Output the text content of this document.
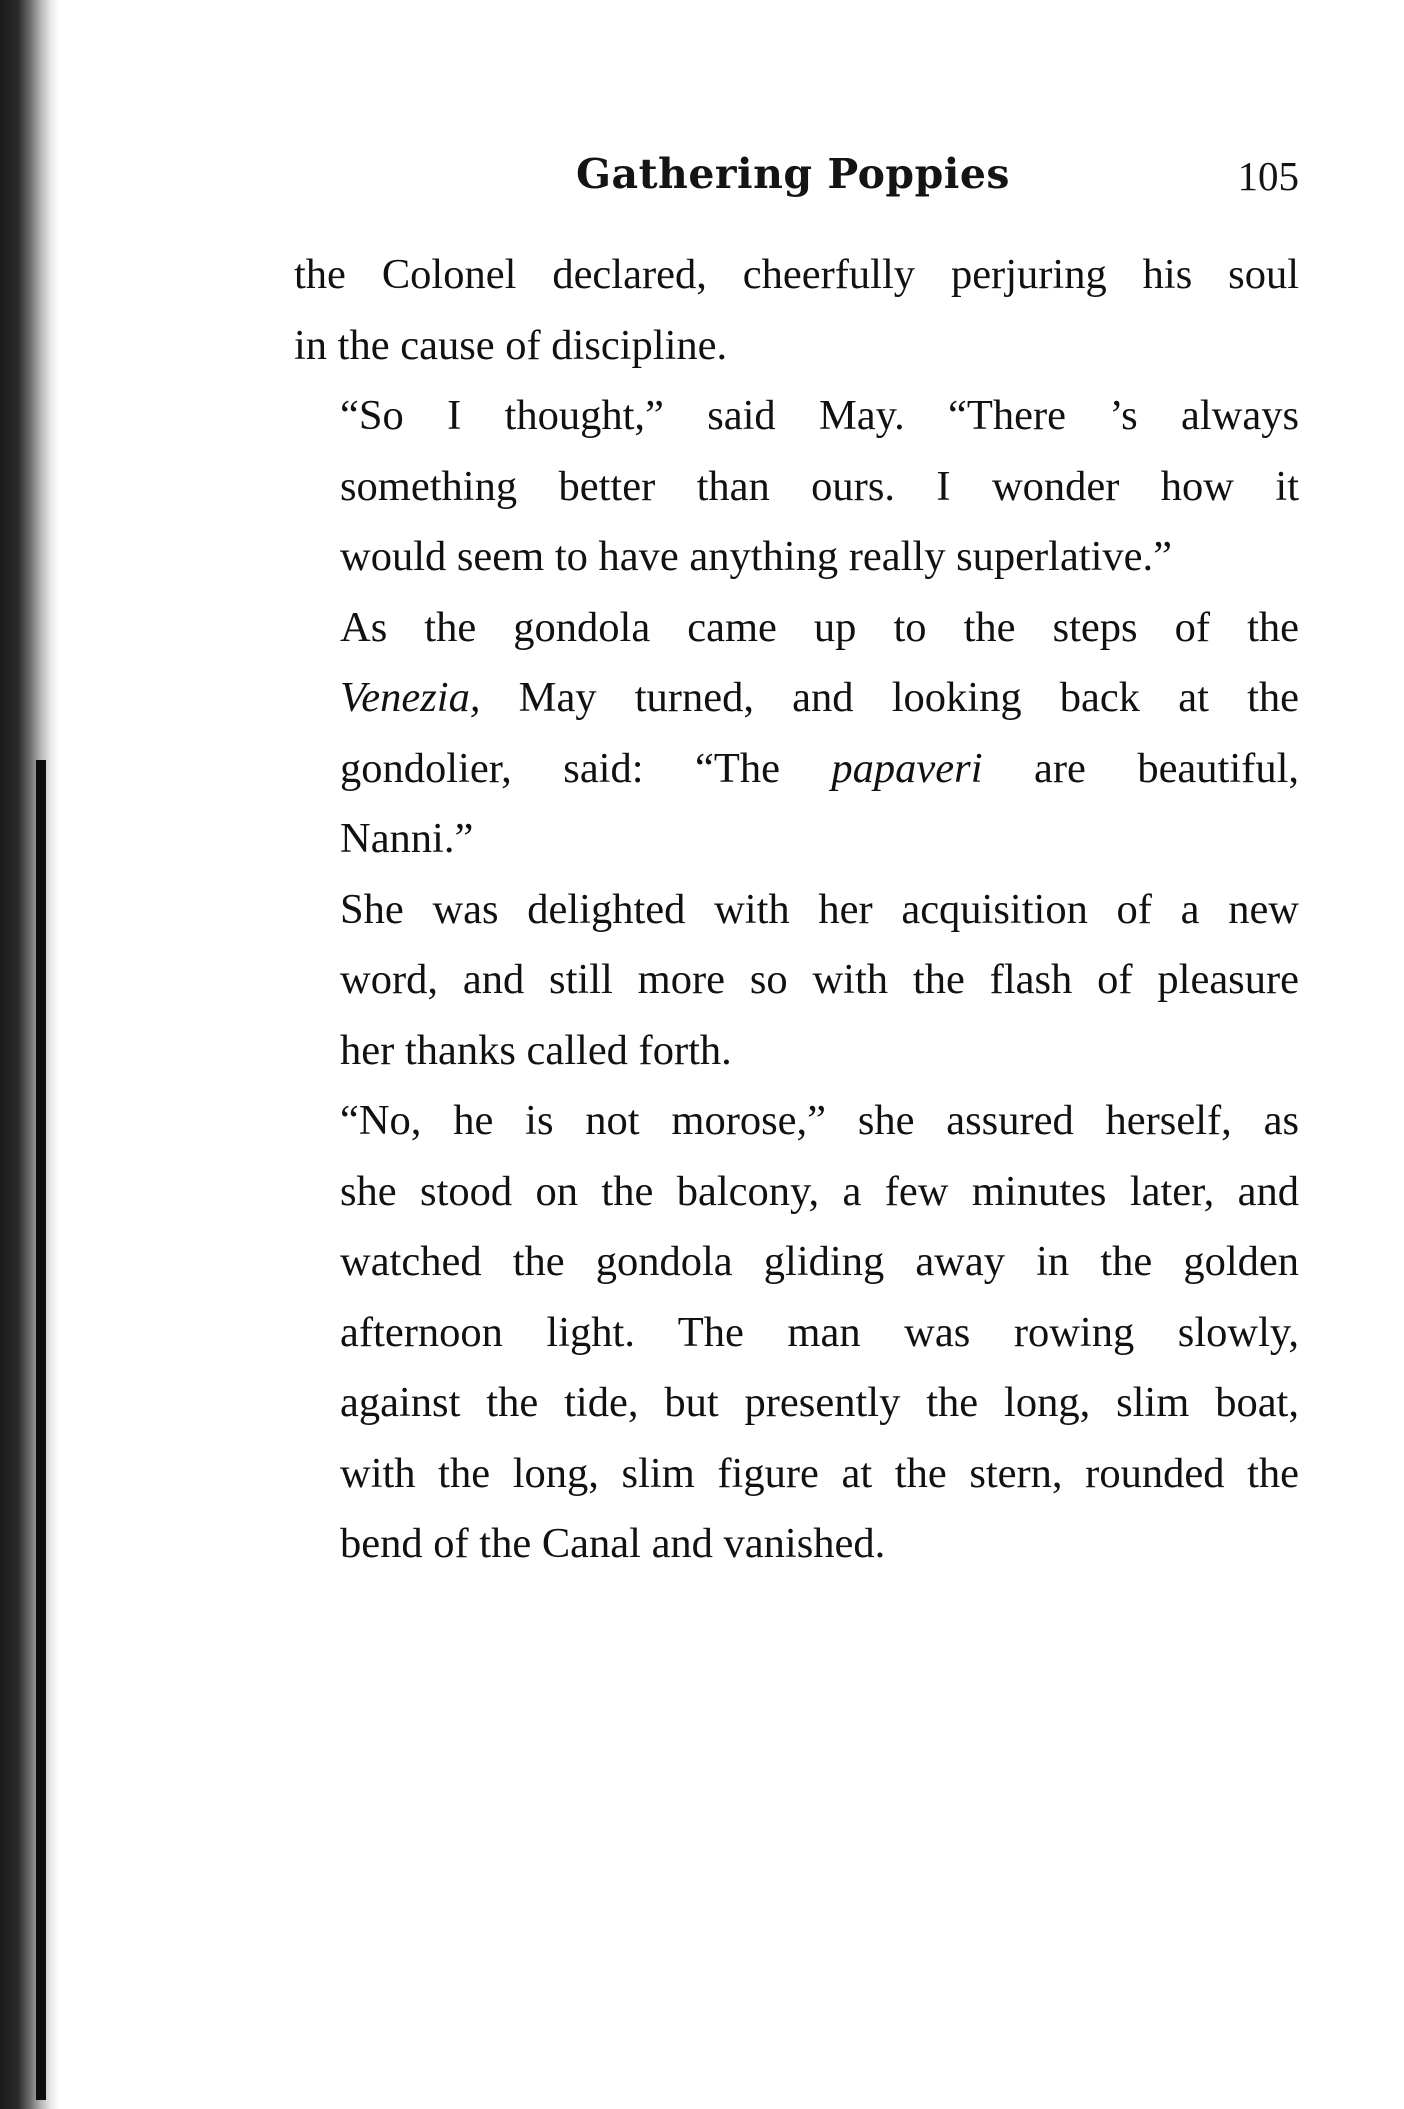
Gathering Poppies	105

the Colonel declared, cheerfully perjuring his soul
in the cause of discipline.

“So I thought,” said May. “There ’s always
something better than ours. I wonder how it
would seem to have anything really superlative.”

As the gondola came up to the steps of the
Venezia, May turned, and looking back at the
gondolier, said: “The papaveri are beautiful,
Nanni.”

She was delighted with her acquisition of a new
word, and still more so with the flash of pleasure
her thanks called forth.

“No, he is not morose,” she assured herself, as
she stood on the balcony, a few minutes later, and
watched the gondola gliding away in the golden
afternoon light. The man was rowing slowly,
against the tide, but presently the long, slim boat,
with the long, slim figure at the stern, rounded the
bend of the Canal and vanished.
